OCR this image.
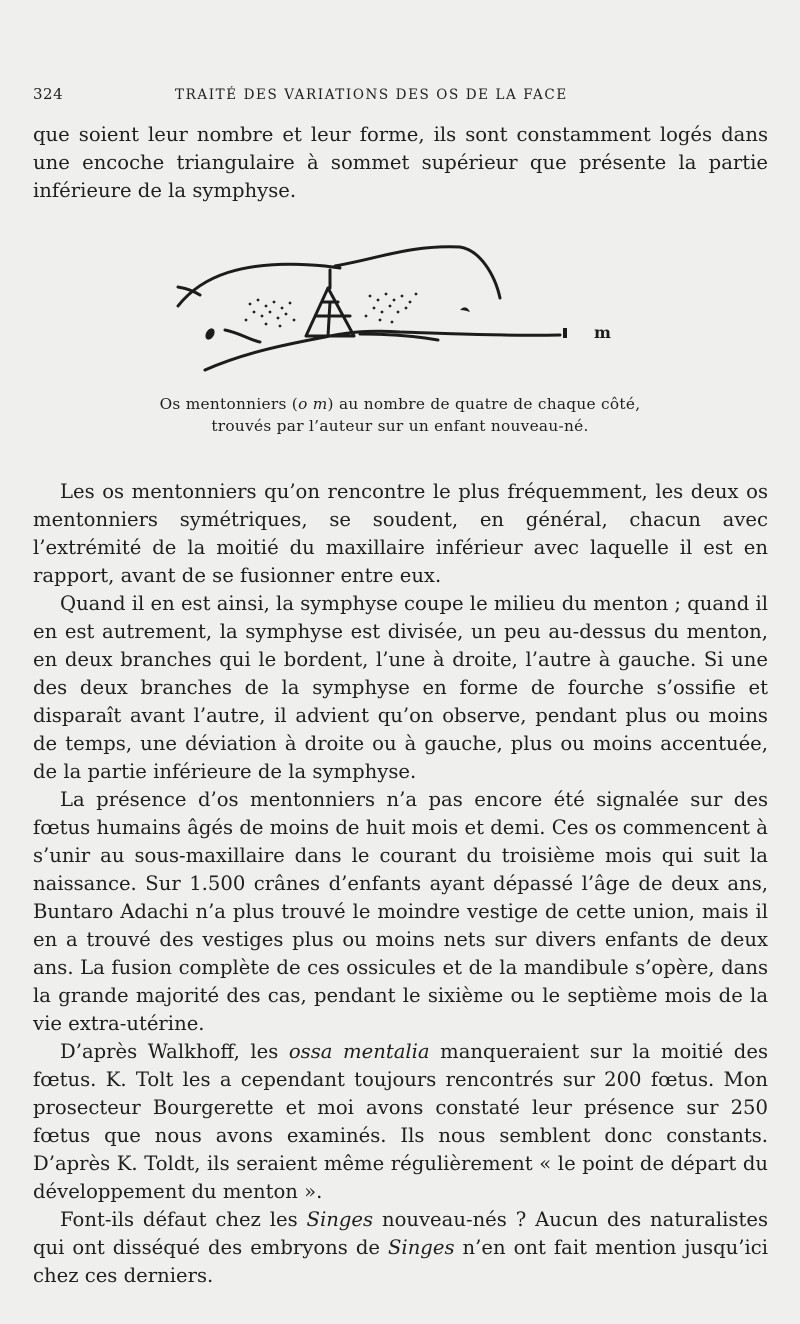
324	TRAITÉ DES VARIATIONS DES OS DE LA FACE

que soient leur nombre et leur forme, ils sont constamment logés dans une encoche triangulaire à sommet supérieur que présente la partie inférieure de la symphyse.

m
Os mentonniers (o m) au nombre de quatre de chaque côté,
trouvés par l’auteur sur un enfant nouveau-né.

Les os mentonniers qu’on rencontre le plus fréquemment, les deux os mentonniers symétriques, se soudent, en général, chacun avec l’extrémité de la moitié du maxillaire inférieur avec laquelle il est en rapport, avant de se fusionner entre eux.

Quand il en est ainsi, la symphyse coupe le milieu du menton ; quand il en est autrement, la symphyse est divisée, un peu au-dessus du menton, en deux branches qui le bordent, l’une à droite, l’autre à gauche. Si une des deux branches de la symphyse en forme de fourche s’ossifie et disparaît avant l’autre, il advient qu’on observe, pendant plus ou moins de temps, une déviation à droite ou à gauche, plus ou moins accentuée, de la partie inférieure de la symphyse.

La présence d’os mentonniers n’a pas encore été signalée sur des fœtus humains âgés de moins de huit mois et demi. Ces os commencent à s’unir au sous-maxillaire dans le courant du troisième mois qui suit la naissance. Sur 1.500 crânes d’enfants ayant dépassé l’âge de deux ans, Buntaro Adachi n’a plus trouvé le moindre vestige de cette union, mais il en a trouvé des vestiges plus ou moins nets sur divers enfants de deux ans. La fusion complète de ces ossicules et de la mandibule s’opère, dans la grande majorité des cas, pendant le sixième ou le septième mois de la vie extra-utérine.

D’après Walkhoff, les ossa mentalia manqueraient sur la moitié des fœtus. K. Tolt les a cependant toujours rencontrés sur 200 fœtus. Mon prosecteur Bourgerette et moi avons constaté leur présence sur 250 fœtus que nous avons examinés. Ils nous semblent donc constants. D’après K. Toldt, ils seraient même régulièrement « le point de départ du développement du menton ».

Font-ils défaut chez les Singes nouveau-nés ? Aucun des naturalistes qui ont disséqué des embryons de Singes n’en ont fait mention jusqu’ici chez ces derniers.
